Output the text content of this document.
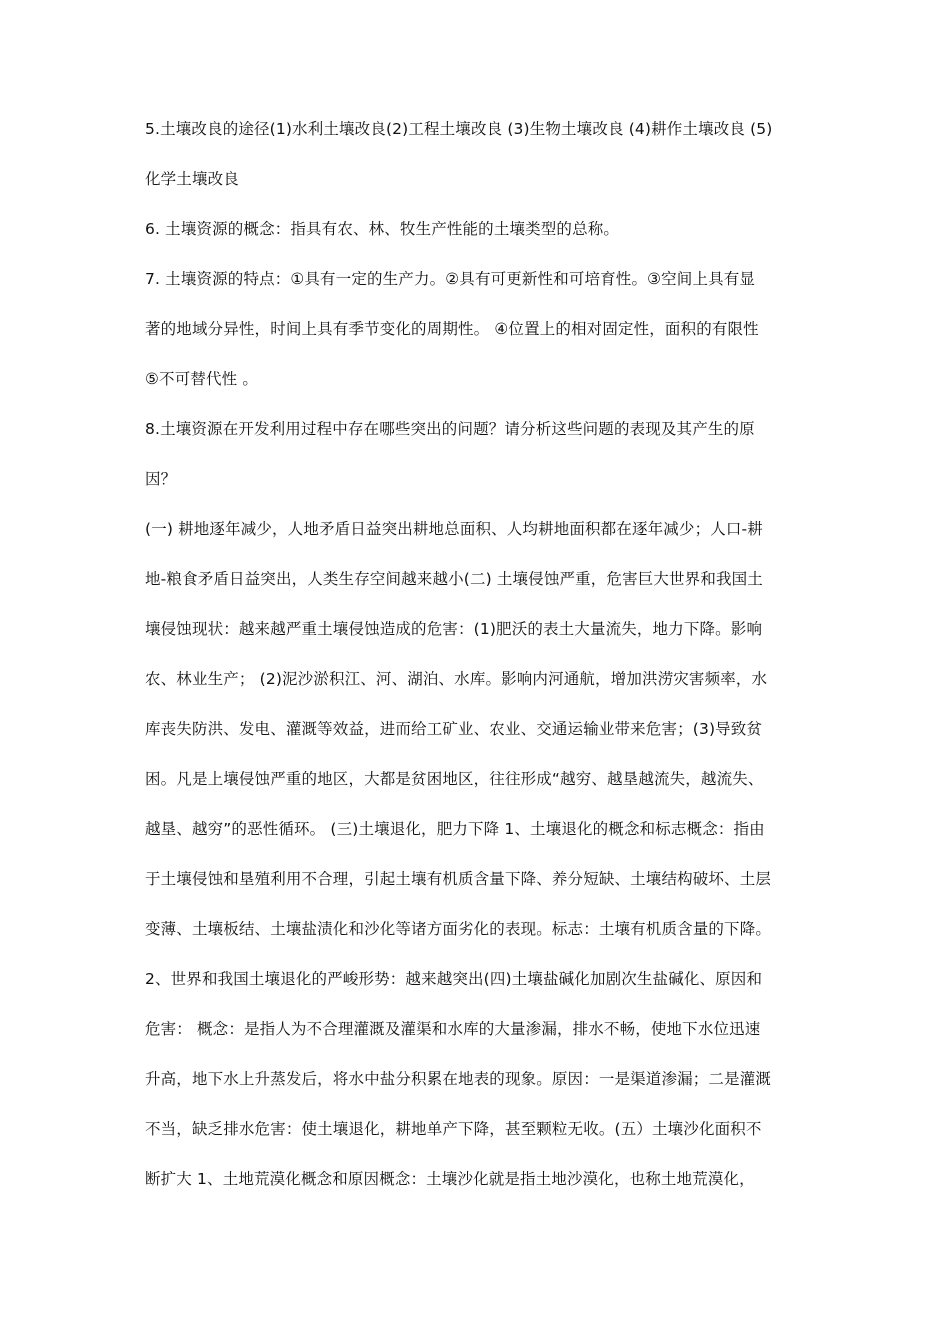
5.土壤改良的途径(1)水利土壤改良(2)工程土壤改良 (3)生物土壤改良 (4)耕作土壤改良 (5)
化学土壤改良
6. 土壤资源的概念：指具有农、林、牧生产性能的土壤类型的总称。
7. 土壤资源的特点：①具有一定的生产力。②具有可更新性和可培育性。③空间上具有显
著的地域分异性，时间上具有季节变化的周期性。 ④位置上的相对固定性，面积的有限性
⑤不可替代性 。
8.土壤资源在开发利用过程中存在哪些突出的问题？请分析这些问题的表现及其产生的原
因？
(一) 耕地逐年减少，人地矛盾日益突出耕地总面积、人均耕地面积都在逐年减少；人口-耕
地-粮食矛盾日益突出，人类生存空间越来越小(二) 土壤侵蚀严重，危害巨大世界和我国土
壤侵蚀现状：越来越严重土壤侵蚀造成的危害：(1)肥沃的表土大量流失，地力下降。影响
农、林业生产； (2)泥沙淤积江、河、湖泊、水库。影响内河通航，增加洪涝灾害频率，水
库丧失防洪、发电、灌溉等效益，进而给工矿业、农业、交通运输业带来危害；(3)导致贫
困。凡是上壤侵蚀严重的地区，大都是贫困地区，往往形成“越穷、越垦越流失，越流失、
越垦、越穷”的恶性循环。 (三)土壤退化，肥力下降 1、土壤退化的概念和标志概念：指由
于土壤侵蚀和垦殖利用不合理，引起土壤有机质含量下降、养分短缺、土壤结构破坏、土层
变薄、土壤板结、土壤盐渍化和沙化等诸方面劣化的表现。标志：土壤有机质含量的下降。
2、世界和我国土壤退化的严峻形势：越来越突出(四)土壤盐碱化加剧次生盐碱化、原因和
危害： 概念：是指人为不合理灌溉及灌渠和水库的大量渗漏，排水不畅，使地下水位迅速
升高，地下水上升蒸发后，将水中盐分积累在地表的现象。原因：一是渠道渗漏；二是灌溉
不当，缺乏排水危害：使土壤退化，耕地单产下降，甚至颗粒无收。(五）土壤沙化面积不
断扩大 1、土地荒漠化概念和原因概念：土壤沙化就是指土地沙漠化，也称土地荒漠化，
